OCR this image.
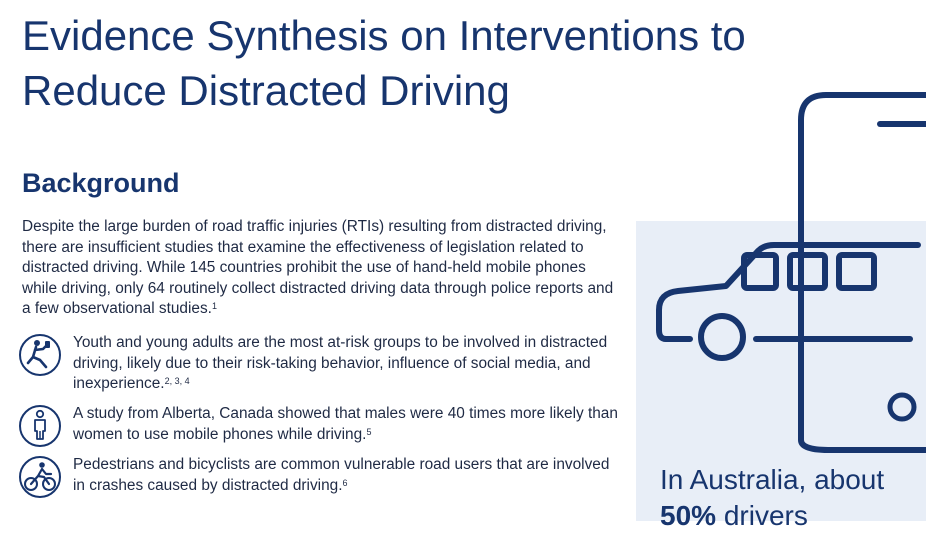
Evidence Synthesis on Interventions to Reduce Distracted Driving
Background

Despite the large burden of road traffic injuries (RTIs) resulting from distracted driving, there are insufficient studies that examine the effectiveness of legislation related to distracted driving. While 145 countries prohibit the use of hand-held mobile phones while driving, only 64 routinely collect distracted driving data through police reports and a few observational studies.$^1$

Youth and young adults are the most at-risk groups to be involved in distracted driving, likely due to their risk-taking behavior, influence of social media, and inexperience.$^{2, 3, 4}$

A study from Alberta, Canada showed that males were 40 times more likely than women to use mobile phones while driving.$^5$

Pedestrians and bicyclists are common vulnerable road users that are involved in crashes caused by distracted driving.$^6$	In Australia, about
50% drivers
